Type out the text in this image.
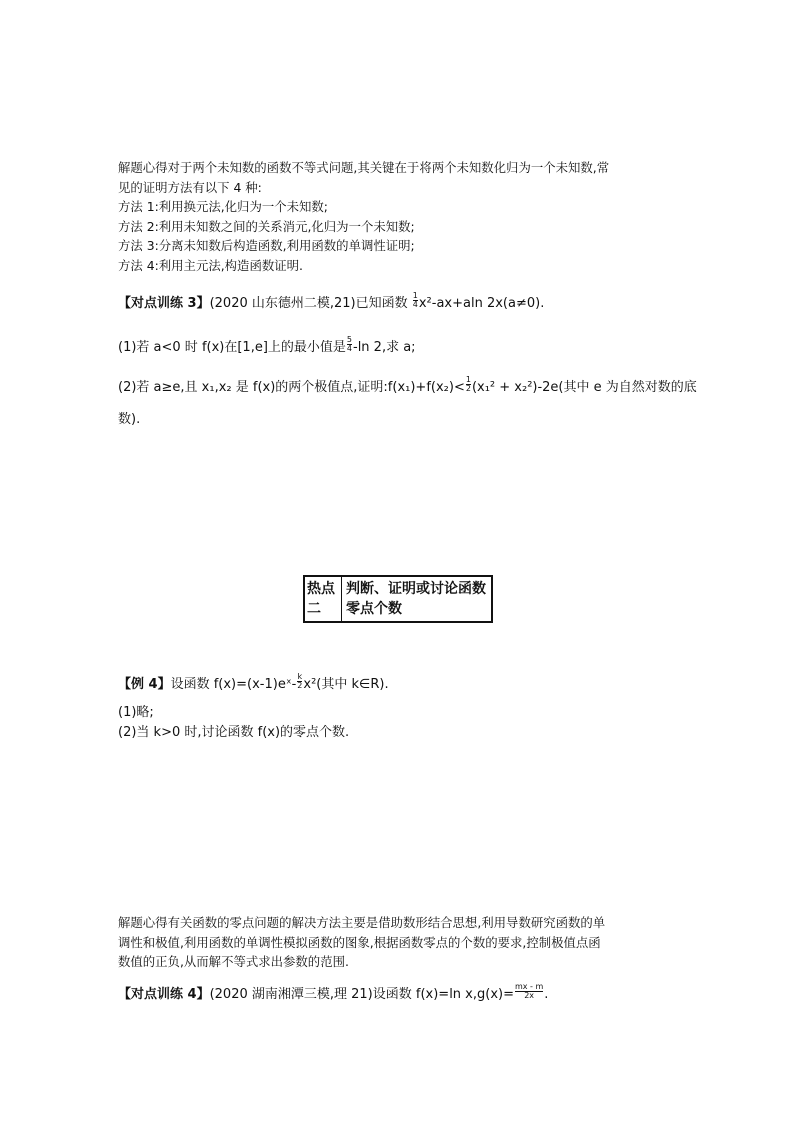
解题心得对于两个未知数的函数不等式问题,其关键在于将两个未知数化归为一个未知数,常

见的证明方法有以下 4 种:

方法 1:利用换元法,化归为一个未知数;

方法 2:利用未知数之间的关系消元,化归为一个未知数;

方法 3:分离未知数后构造函数,利用函数的单调性证明;

方法 4:利用主元法,构造函数证明.

【对点训练 3】(2020 山东德州二模,21)已知函数 $\frac{1}{4} x^2-ax+aln$ 2x(a≠0).

(1)若 a<0 时 f(x)在[1,e]上的最小值是 $\frac{5}{4} -\ln$ 2,求 a;

(2)若 a≥e,且 x₁,x₂ 是 f(x)的两个极值点,证明:f(x₁)+f(x₂)< $\frac{1}{2} (x_1^2 + x_2^2)-2e$(其中 e 为自然对数的底

数).

热点二
判断、证明或讨论函数
零点个数

【例 4】设函数 f(x)=(x-1)eˣ- $\frac{k}{2} x^2$(其中 k∈R).

(1)略;

(2)当 k>0 时,讨论函数 f(x)的零点个数.

解题心得有关函数的零点问题的解决方法主要是借助数形结合思想,利用导数研究函数的单

调性和极值,利用函数的单调性模拟函数的图象,根据函数零点的个数的要求,控制极值点函

数值的正负,从而解不等式求出参数的范围.

【对点训练 4】(2020 湖南湘潭三模,理 21)设函数 f(x)=ln $x,g(x)= \frac{mx - m}{2x}$ .
